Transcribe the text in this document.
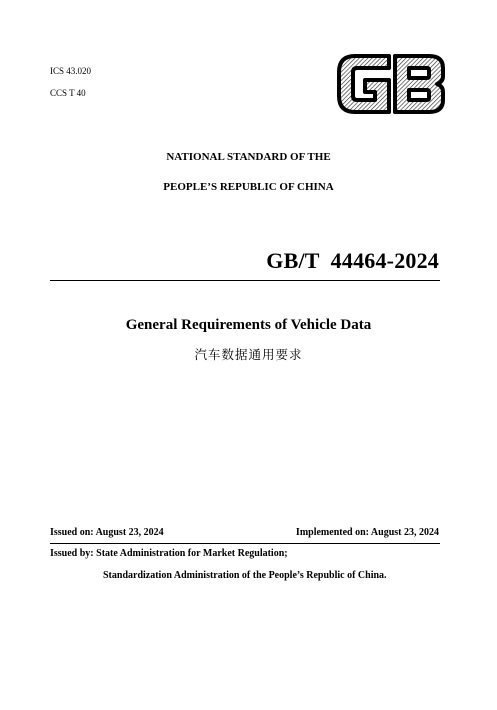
ICS 43.020
CCS T 40
NATIONAL STANDARD OF THE
PEOPLE’S REPUBLIC OF CHINA
GB/T  44464-2024
General Requirements of Vehicle Data
汽车数据通用要求
Issued on: August 23, 2024	Implemented on: August 23, 2024
Issued by: State Administration for Market Regulation;
Standardization Administration of the People’s Republic of China.
